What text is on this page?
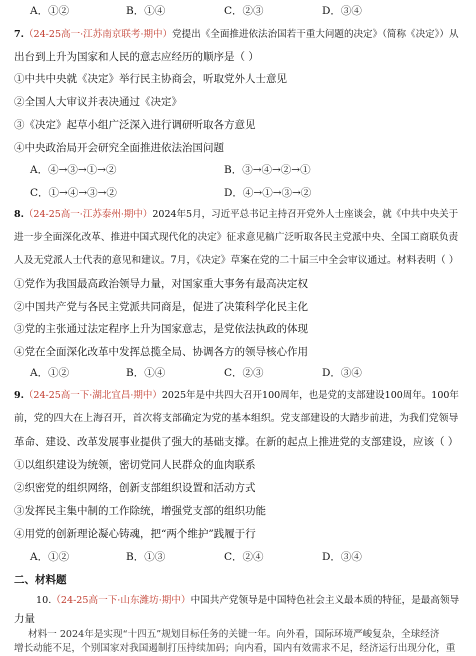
A．①②	B．①④	C．②③	D．③④
7.（24-25高一·江苏南京联考·期中）党提出《全面推进依法治国若干重大问题的决定》（简称《决定》）从
出台到上升为国家和人民的意志应经历的顺序是（ ）
①中共中央就《决定》举行民主协商会，听取党外人士意见
②全国人大审议并表决通过《决定》
③《决定》起草小组广泛深入进行调研听取各方意见
④中央政治局开会研究全面推进依法治国问题
A．④→③→①→②	B．③→④→②→①
C．①→④→③→②	D．④→①→③→②
8.（24-25高一·江苏泰州·期中）2024年5月，习近平总书记主持召开党外人士座谈会，就《中共中央关于
进一步全面深化改革、推进中国式现代化的决定》征求意见稿广泛听取各民主党派中央、全国工商联负责
人及无党派人士代表的意见和建议。7月，《决定》草案在党的二十届三中全会审议通过。材料表明（ ）
①党作为我国最高政治领导力量，对国家重大事务有最高决定权
②中国共产党与各民主党派共同商是，促进了决策科学化民主化
③党的主张通过法定程序上升为国家意志，是党依法执政的体现
④党在全面深化改革中发挥总揽全局、协调各方的领导核心作用
A．①②	B．①④	C．②③	D．③④
9.（24-25高一下·湖北宜昌·期中）2025年是中共四大召开100周年，也是党的支部建设100周年。100年
前，党的四大在上海召开，首次将支部确定为党的基本组织。党支部建设的大踏步前进，为我们党领导
革命、建设、改革发展事业提供了强大的基础支撑。在新的起点上推进党的支部建设，应该（ ）
①以组织建设为统领，密切党同人民群众的血肉联系
②织密党的组织网络，创新支部组织设置和活动方式
③发挥民主集中制的工作除统，增强党支部的组织功能
④用党的创新理论凝心铸魂，把“两个维护”践履于行
A．①②	B．①③	C．②④	D．③④
二、材料题
10.（24-25高一下·山东潍坊·期中）中国共产党领导是中国特色社会主义最本质的特征，是最高领导
力量
材料一 2024年是实现“十四五”规划目标任务的关键一年。向外看，国际环境严峻复杂，全球经济
增长动能不足，个别国家对我国遏制打压持续加码；向内看，国内有效需求不足，经济运行出现分化，重
